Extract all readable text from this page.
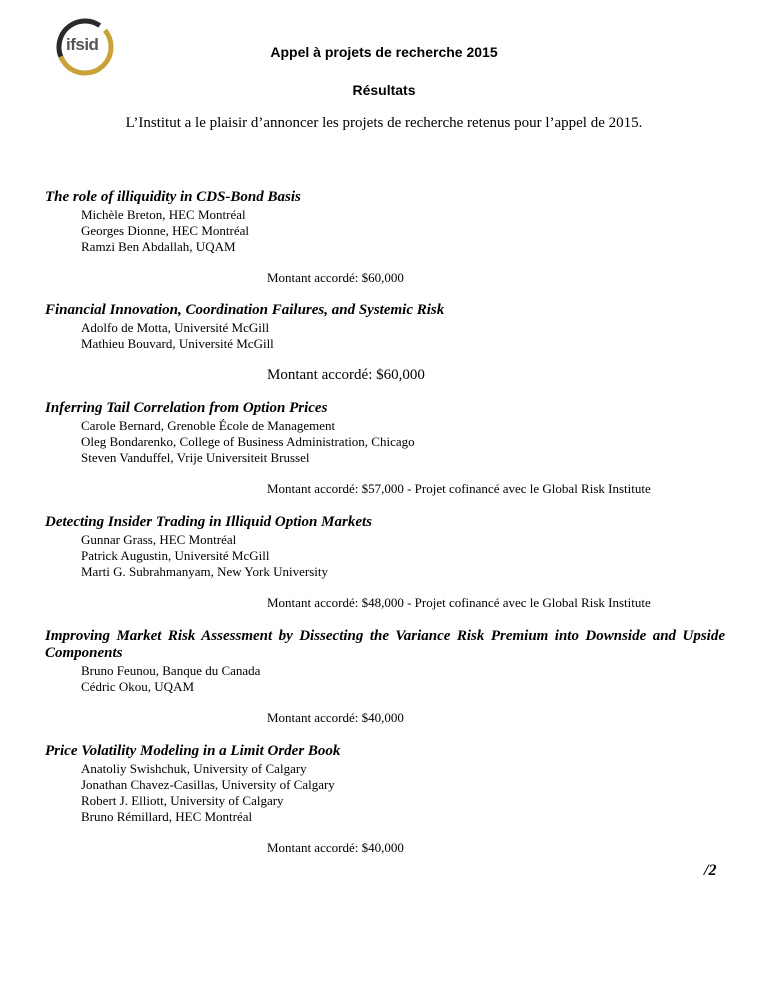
ifsid	Appel à projets de recherche 2015

Résultats

L’Institut a le plaisir d’annoncer les projets de recherche retenus pour l’appel de 2015.

The role of illiquidity in CDS-Bond Basis

Michèle Breton, HEC Montréal
Georges Dionne, HEC Montréal
Ramzi Ben Abdallah, UQAM
Montant accordé: $60,000

Financial Innovation, Coordination Failures, and Systemic Risk

Adolfo de Motta, Université McGill
Mathieu Bouvard, Université McGill
Montant accordé: $60,000

Inferring Tail Correlation from Option Prices

Carole Bernard, Grenoble École de Management
Oleg Bondarenko, College of Business Administration, Chicago
Steven Vanduffel, Vrije Universiteit Brussel
Montant accordé: $57,000 - Projet cofinancé avec le Global Risk Institute

Detecting Insider Trading in Illiquid Option Markets

Gunnar Grass, HEC Montréal
Patrick Augustin, Université McGill
Marti G. Subrahmanyam, New York University
Montant accordé: $48,000 - Projet cofinancé avec le Global Risk Institute

Improving Market Risk Assessment by Dissecting the Variance Risk Premium into Downside and Upside Components

Bruno Feunou, Banque du Canada
Cédric Okou, UQAM
Montant accordé: $40,000

Price Volatility Modeling in a Limit Order Book

Anatoliy Swishchuk, University of Calgary
Jonathan Chavez-Casillas, University of Calgary
Robert J. Elliott, University of Calgary
Bruno Rémillard, HEC Montréal
Montant accordé: $40,000
/2
